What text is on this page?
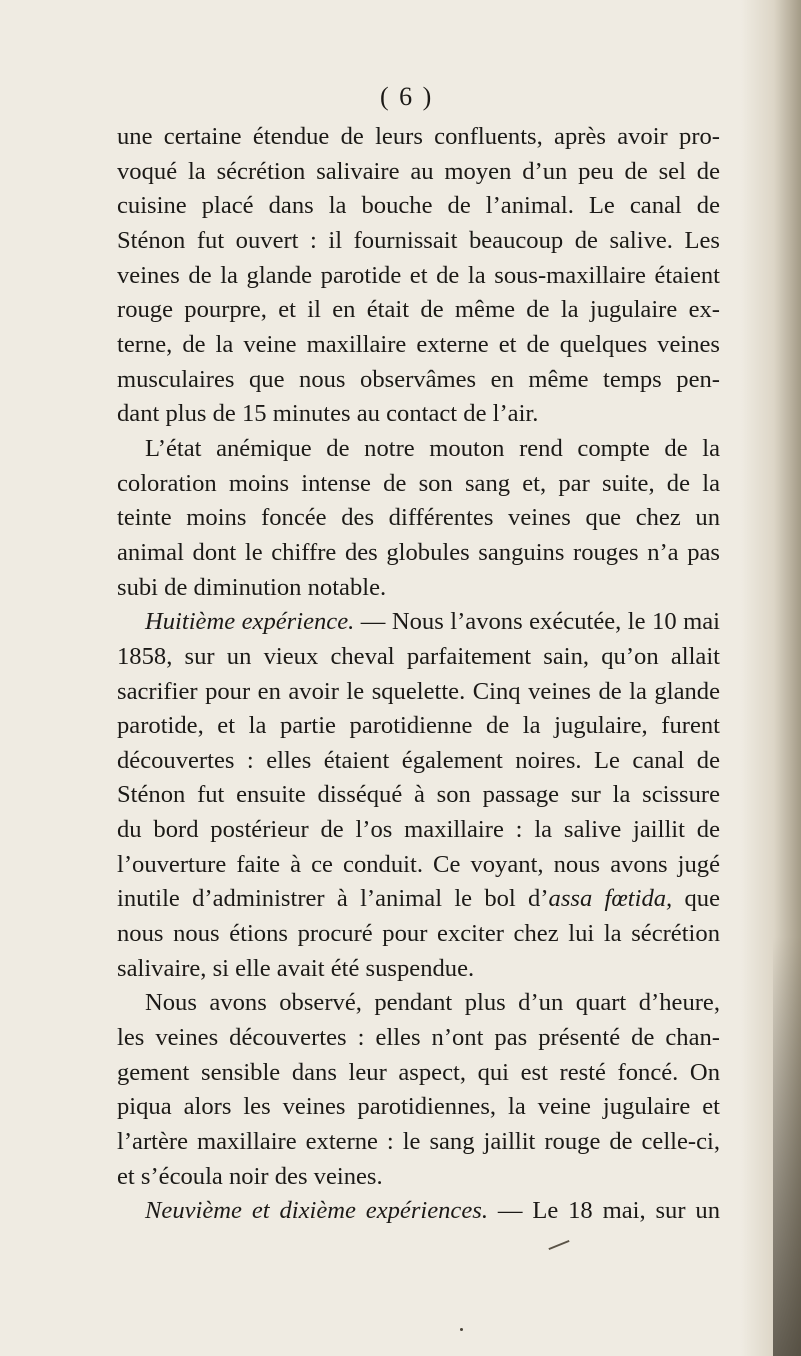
( 6 )
une certaine étendue de leurs confluents, après avoir pro-
voqué la sécrétion salivaire au moyen d’un peu de sel de
cuisine placé dans la bouche de l’animal. Le canal de
Sténon fut ouvert : il fournissait beaucoup de salive. Les
veines de la glande parotide et de la sous-maxillaire étaient
rouge pourpre, et il en était de même de la jugulaire ex-
terne, de la veine maxillaire externe et de quelques veines
musculaires que nous observâmes en même temps pen-
dant plus de 15 minutes au contact de l’air.
L’état anémique de notre mouton rend compte de la
coloration moins intense de son sang et, par suite, de la
teinte moins foncée des différentes veines que chez un
animal dont le chiffre des globules sanguins rouges n’a pas
subi de diminution notable.
Huitième expérience. — Nous l’avons exécutée, le 10 mai
1858, sur un vieux cheval parfaitement sain, qu’on allait
sacrifier pour en avoir le squelette. Cinq veines de la glande
parotide, et la partie parotidienne de la jugulaire, furent
découvertes : elles étaient également noires. Le canal de
Sténon fut ensuite disséqué à son passage sur la scissure
du bord postérieur de l’os maxillaire : la salive jaillit de
l’ouverture faite à ce conduit. Ce voyant, nous avons jugé
inutile d’administrer à l’animal le bol d’assa fœtida, que
nous nous étions procuré pour exciter chez lui la sécrétion
salivaire, si elle avait été suspendue.
Nous avons observé, pendant plus d’un quart d’heure,
les veines découvertes : elles n’ont pas présenté de chan-
gement sensible dans leur aspect, qui est resté foncé. On
piqua alors les veines parotidiennes, la veine jugulaire et
l’artère maxillaire externe : le sang jaillit rouge de celle-ci,
et s’écoula noir des veines.
Neuvième et dixième expériences. — Le 18 mai, sur un
